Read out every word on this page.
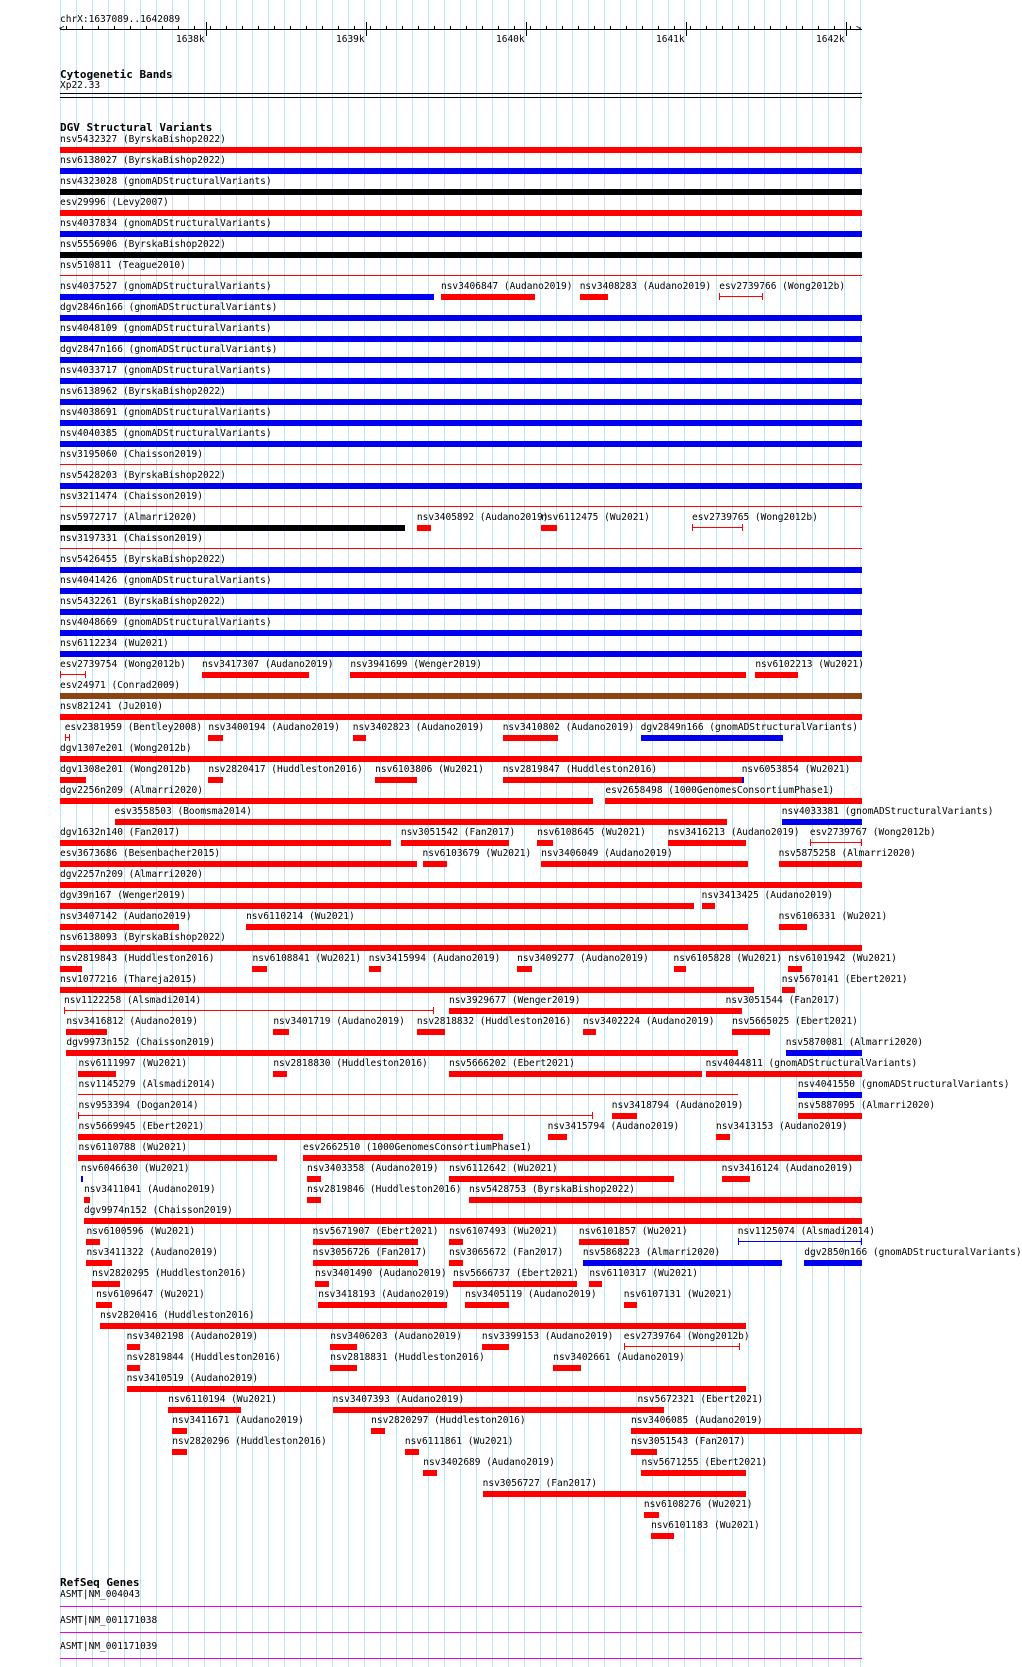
chrX:1637089..1642089
<	>
1638k	1639k	1640k	1641k	1642k
Cytogenetic Bands
Xp22.33
DGV Structural Variants
nsv5432327 (ByrskaBishop2022)
nsv6138027 (ByrskaBishop2022)
nsv4323028 (gnomADStructuralVariants)
esv29996 (Levy2007)
nsv4037834 (gnomADStructuralVariants)
nsv5556906 (ByrskaBishop2022)
nsv510811 (Teague2010)
nsv4037527 (gnomADStructuralVariants)	nsv3406847 (Audano2019) nsv3408283 (Audano2019) esv2739766 (Wong2012b)
dgv2846n166 (gnomADStructuralVariants)
nsv4048109 (gnomADStructuralVariants)
dgv2847n166 (gnomADStructuralVariants)
nsv4033717 (gnomADStructuralVariants)
nsv6138962 (ByrskaBishop2022)
nsv4038691 (gnomADStructuralVariants)
nsv4040385 (gnomADStructuralVariants)
nsv3195060 (Chaisson2019)
nsv5428203 (ByrskaBishop2022)
nsv3211474 (Chaisson2019)
nsv5972717 (Almarri2020)	nsv3405892 (Audano2019)
nsv6112475 (Wu2021)	esv2739765 (Wong2012b)
nsv3197331 (Chaisson2019)
nsv5426455 (ByrskaBishop2022)
nsv4041426 (gnomADStructuralVariants)
nsv5432261 (ByrskaBishop2022)
nsv4048669 (gnomADStructuralVariants)
nsv6112234 (Wu2021)
esv2739754 (Wong2012b) nsv3417307 (Audano2019) nsv3941699 (Wenger2019)	nsv6102213 (Wu2021)
esv24971 (Conrad2009)
nsv821241 (Ju2010)
esv2381959 (Bentley2008) nsv3400194 (Audano2019) nsv3402823 (Audano2019) nsv3410802 (Audano2019) dgv2849n166 (gnomADStructuralVariants)
dgv1307e201 (Wong2012b)
dgv1308e201 (Wong2012b) nsv2820417 (Huddleston2016) nsv6103806 (Wu2021) nsv2819847 (Huddleston2016)	nsv6053854 (Wu2021)
dgv2256n209 (Almarri2020)	esv2658498 (1000GenomesConsortiumPhase1)
esv3558503 (Boomsma2014)	nsv4033381 (gnomADStructuralVariants)
dgv1632n140 (Fan2017)	nsv3051542 (Fan2017) nsv6108645 (Wu2021) nsv3416213 (Audano2019) esv2739767 (Wong2012b)
esv3673686 (Besenbacher2015)	nsv6103679 (Wu2021) nsv3406049 (Audano2019)	nsv5875258 (Almarri2020)
dgv2257n209 (Almarri2020)
dgv39n167 (Wenger2019)	nsv3413425 (Audano2019)
nsv3407142 (Audano2019)	nsv6110214 (Wu2021)	nsv6106331 (Wu2021)
nsv6138093 (ByrskaBishop2022)
nsv2819843 (Huddleston2016)	nsv6108841 (Wu2021) nsv3415994 (Audano2019) nsv3409277 (Audano2019)	nsv6105828 (Wu2021) nsv6101942 (Wu2021)
nsv1077216 (Thareja2015)	nsv5670141 (Ebert2021)
nsv1122258 (Alsmadi2014)	nsv3929677 (Wenger2019)	nsv3051544 (Fan2017)
nsv3416812 (Audano2019)	nsv3401719 (Audano2019) nsv2818832 (Huddleston2016) nsv3402224 (Audano2019) nsv5665025 (Ebert2021)
dgv9973n152 (Chaisson2019)	nsv5870081 (Almarri2020)
nsv6111997 (Wu2021)	nsv2818830 (Huddleston2016) nsv5666202 (Ebert2021)	nsv4044811 (gnomADStructuralVariants)
nsv1145279 (Alsmadi2014)	nsv4041550 (gnomADStructuralVariants)
nsv953394 (Dogan2014)	nsv3418794 (Audano2019)	nsv5887095 (Almarri2020)
nsv5669945 (Ebert2021)	nsv3415794 (Audano2019)	nsv3413153 (Audano2019)
nsv6110788 (Wu2021)	esv2662510 (1000GenomesConsortiumPhase1)
nsv6046630 (Wu2021)	nsv3403358 (Audano2019) nsv6112642 (Wu2021)	nsv3416124 (Audano2019)
nsv3411041 (Audano2019)	nsv2819846 (Huddleston2016) nsv5428753 (ByrskaBishop2022)
dgv9974n152 (Chaisson2019)
nsv6100596 (Wu2021)	nsv5671907 (Ebert2021) nsv6107493 (Wu2021) nsv6101857 (Wu2021)	nsv1125074 (Alsmadi2014)
nsv3411322 (Audano2019)	nsv3056726 (Fan2017) nsv3065672 (Fan2017) nsv5868223 (Almarri2020)	dgv2850n166 (gnomADStructuralVariants)
nsv2820295 (Huddleston2016)	nsv3401490 (Audano2019) nsv5666737 (Ebert2021) nsv6110317 (Wu2021)
nsv6109647 (Wu2021)	nsv3418193 (Audano2019) nsv3405119 (Audano2019)	nsv6107131 (Wu2021)
nsv2820416 (Huddleston2016)
nsv3402198 (Audano2019)	nsv3406203 (Audano2019) nsv3399153 (Audano2019) esv2739764 (Wong2012b)
nsv2819844 (Huddleston2016)	nsv2818831 (Huddleston2016)	nsv3402661 (Audano2019)
nsv3410519 (Audano2019)
nsv6110194 (Wu2021)	nsv3407393 (Audano2019)	nsv5672321 (Ebert2021)
nsv3411671 (Audano2019)	nsv2820297 (Huddleston2016)	nsv3406085 (Audano2019)
nsv2820296 (Huddleston2016)	nsv6111861 (Wu2021)	nsv3051543 (Fan2017)
nsv3402689 (Audano2019)	nsv5671255 (Ebert2021)
nsv3056727 (Fan2017)
nsv6108276 (Wu2021)
nsv6101183 (Wu2021)
RefSeq Genes
ASMT|NM_004043
ASMT|NM_001171038
ASMT|NM_001171039
